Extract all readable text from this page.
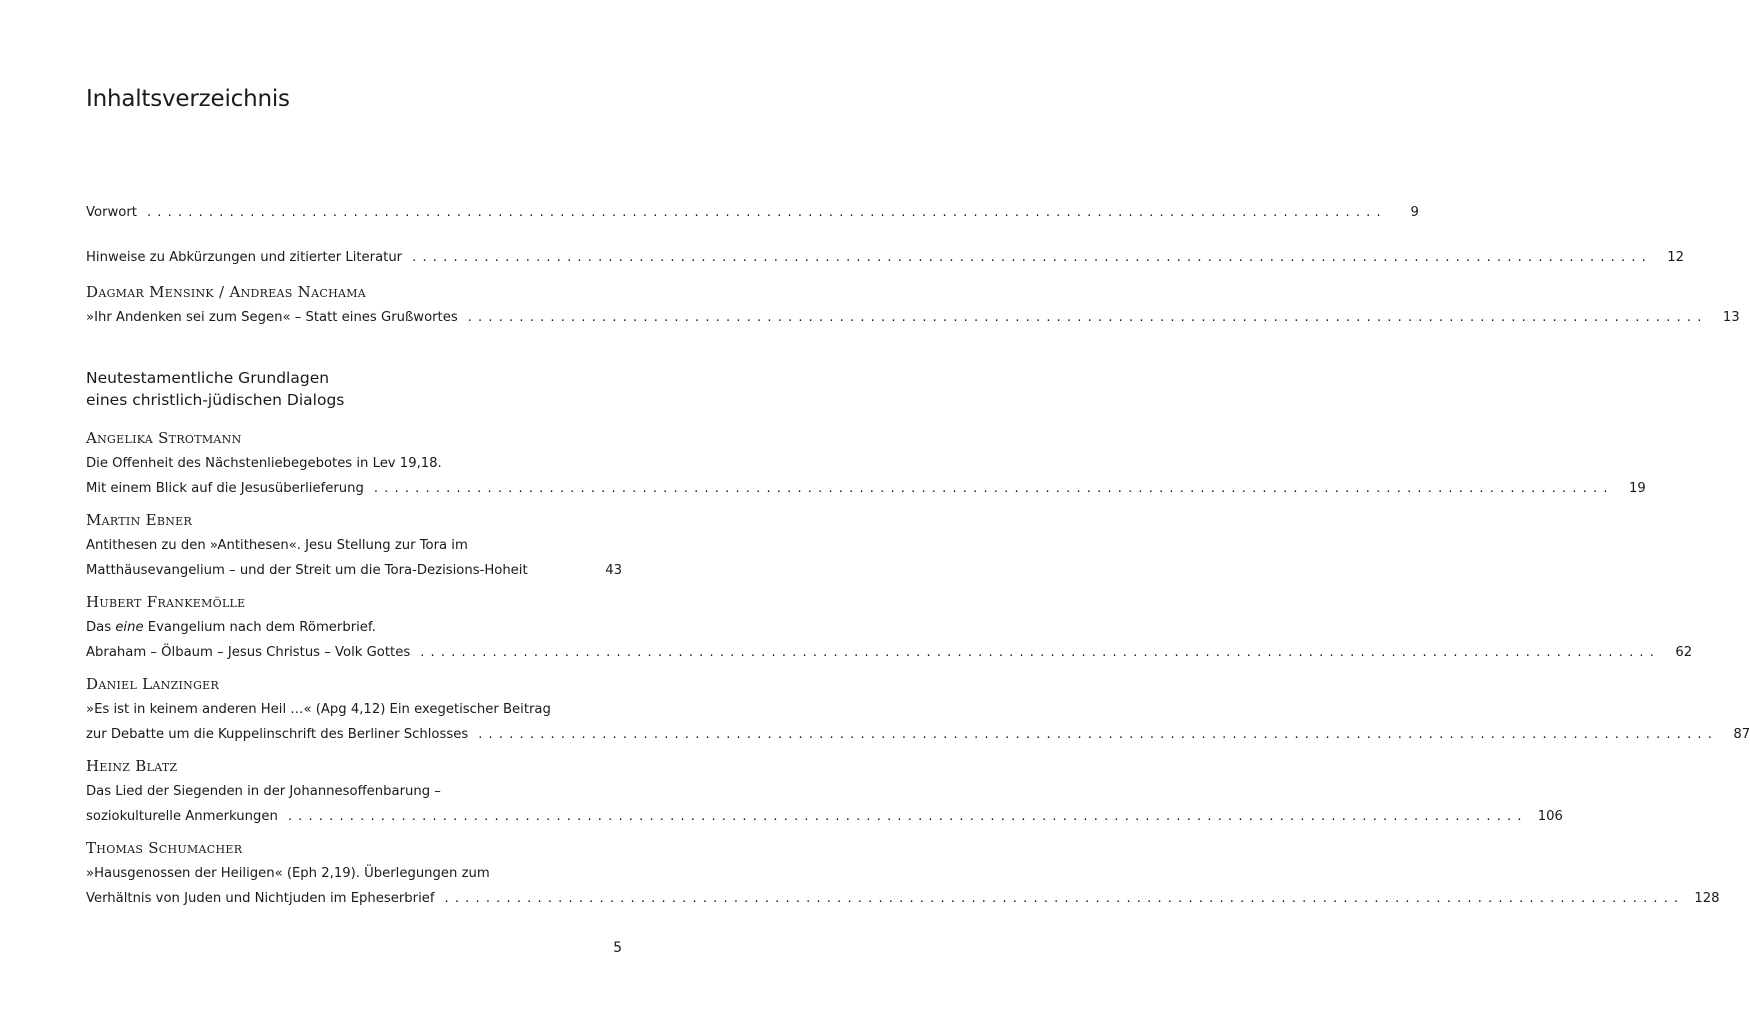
Inhaltsverzeichnis
Vorwort ........................................................................................................................	9
Hinweise zu Abkürzungen und zitierter Literatur ........................................................................................................................	12
Dagmar Mensink / Andreas Nachama
»Ihr Andenken sei zum Segen« – Statt eines Grußwortes ........................................................................................................................	13
Neutestamentliche Grundlagen
eines christlich-jüdischen Dialogs
Angelika Strotmann
Die Offenheit des Nächstenliebegebotes in Lev 19,18.
Mit einem Blick auf die Jesusüberlieferung ........................................................................................................................	19
Martin Ebner
Antithesen zu den »Antithesen«. Jesu Stellung zur Tora im
Matthäusevangelium – und der Streit um die Tora-Dezisions-Hoheit	43
Hubert Frankemölle
Das eine Evangelium nach dem Römerbrief.
Abraham – Ölbaum – Jesus Christus – Volk Gottes ........................................................................................................................	62
Daniel Lanzinger
»Es ist in keinem anderen Heil …« (Apg 4,12) Ein exegetischer Beitrag
zur Debatte um die Kuppelinschrift des Berliner Schlosses ........................................................................................................................	87
Heinz Blatz
Das Lied der Siegenden in der Johannesoffenbarung –
soziokulturelle Anmerkungen ........................................................................................................................ 106
Thomas Schumacher
»Hausgenossen der Heiligen« (Eph 2,19). Überlegungen zum
Verhältnis von Juden und Nichtjuden im Epheserbrief ........................................................................................................................ 128
5
